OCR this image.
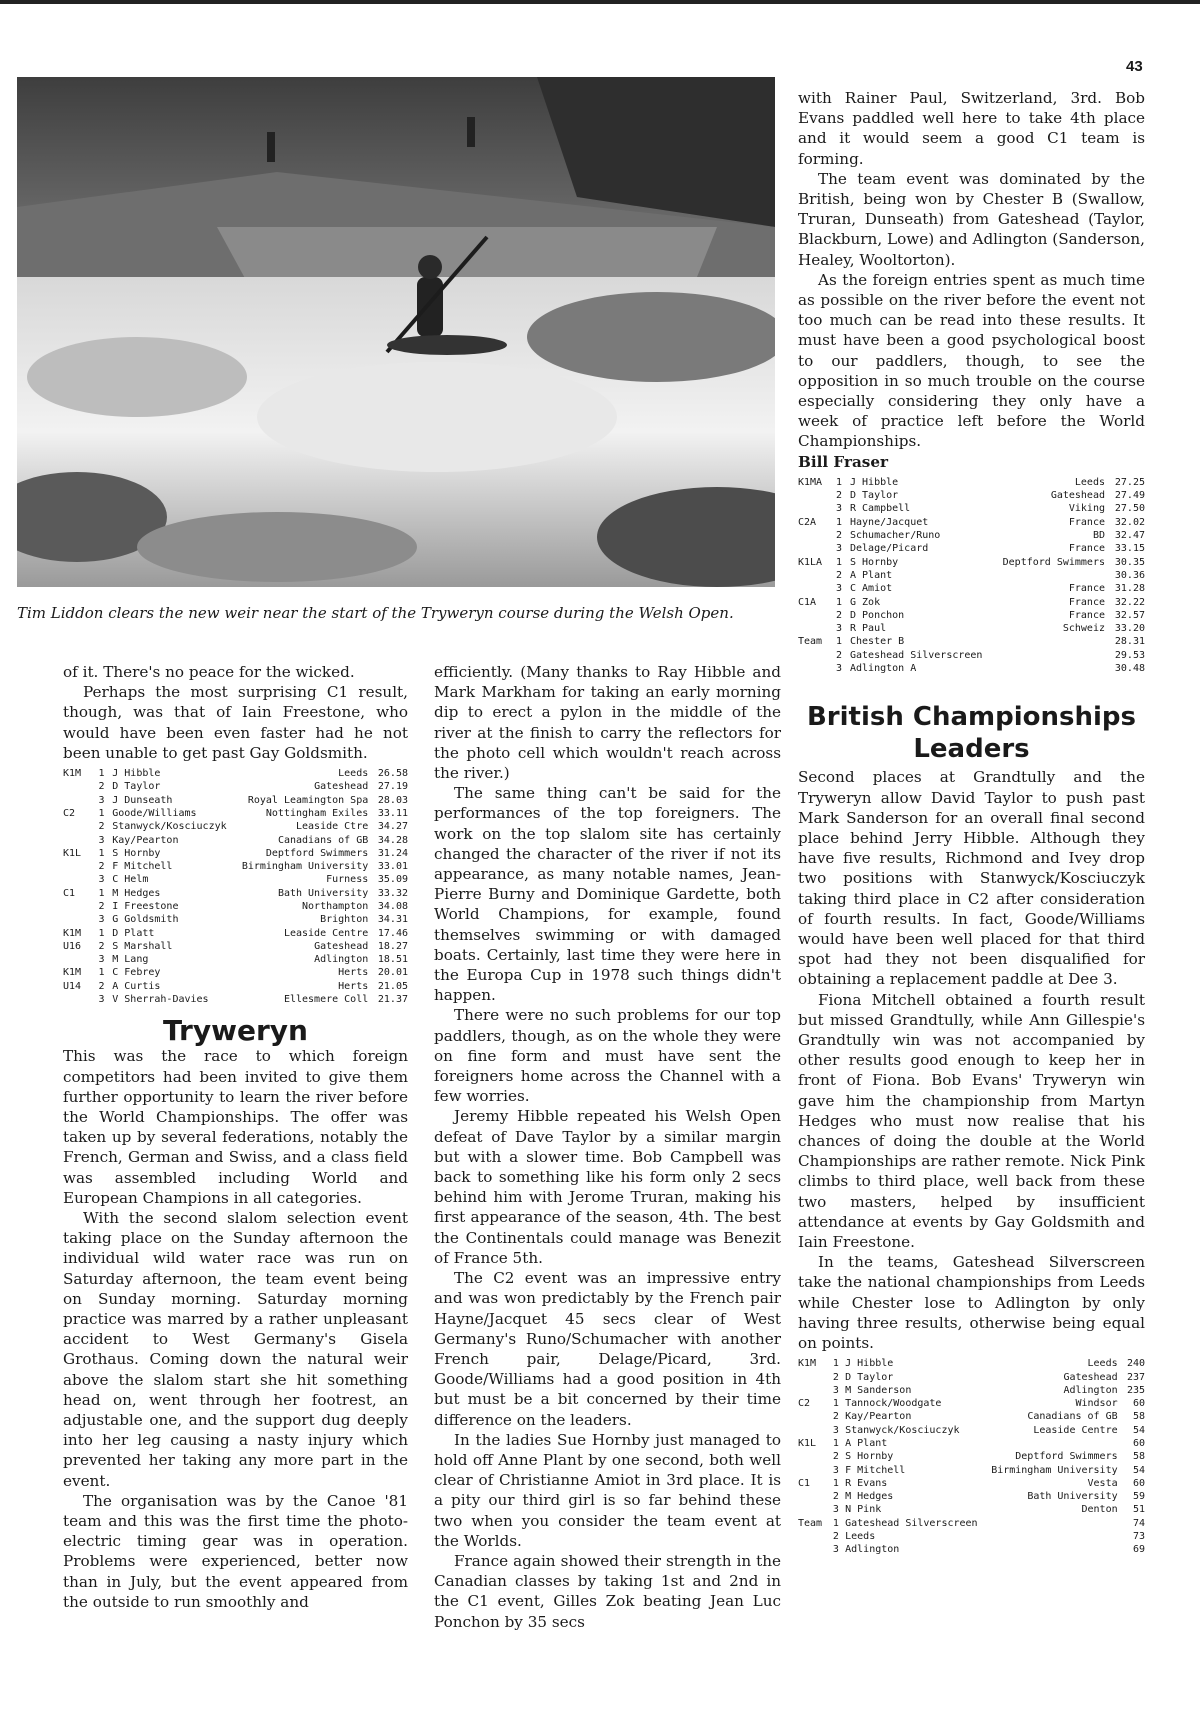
43
Tim Liddon clears the new weir near the start of the Tryweryn course during the Welsh Open.

of it. There's no peace for the wicked.

Perhaps the most surprising C1 result, though, was that of Iain Freestone, who would have been even faster had he not been unable to get past Gay Goldsmith.

K1M	1	J Hibble	Leeds	26.58
	2	D Taylor	Gateshead	27.19
	3	J Dunseath	Royal Leamington Spa	28.03
C2	1	Goode/Williams	Nottingham Exiles	33.11
	2	Stanwyck/Kosciuczyk	Leaside Ctre	34.27
	3	Kay/Pearton	Canadians of GB	34.28
K1L	1	S Hornby	Deptford Swimmers	31.24
	2	F Mitchell	Birmingham University	33.01
	3	C Helm	Furness	35.09
C1	1	M Hedges	Bath University	33.32
	2	I Freestone	Northampton	34.08
	3	G Goldsmith	Brighton	34.31
K1M	1	D Platt	Leaside Centre	17.46
U16	2	S Marshall	Gateshead	18.27
	3	M Lang	Adlington	18.51
K1M	1	C Febrey	Herts	20.01
U14	2	A Curtis	Herts	21.05
	3	V Sherrah-Davies	Ellesmere Coll	21.37
Tryweryn

This was the race to which foreign competitors had been invited to give them further opportunity to learn the river before the World Championships. The offer was taken up by several federations, notably the French, German and Swiss, and a class field was assembled including World and European Champions in all categories.

With the second slalom selection event taking place on the Sunday afternoon the individual wild water race was run on Saturday afternoon, the team event being on Sunday morning. Saturday morning practice was marred by a rather unpleasant accident to West Germany's Gisela Grothaus. Coming down the natural weir above the slalom start she hit something head on, went through her footrest, an adjustable one, and the support dug deeply into her leg causing a nasty injury which prevented her taking any more part in the event.

The organisation was by the Canoe '81 team and this was the first time the photo-electric timing gear was in operation. Problems were experienced, better now than in July, but the event appeared from the outside to run smoothly and

efficiently. (Many thanks to Ray Hibble and Mark Markham for taking an early morning dip to erect a pylon in the middle of the river at the finish to carry the reflectors for the photo cell which wouldn't reach across the river.)

The same thing can't be said for the performances of the top foreigners. The work on the top slalom site has certainly changed the character of the river if not its appearance, as many notable names, Jean-Pierre Burny and Dominique Gardette, both World Champions, for example, found themselves swimming or with damaged boats. Certainly, last time they were here in the Europa Cup in 1978 such things didn't happen.

There were no such problems for our top paddlers, though, as on the whole they were on fine form and must have sent the foreigners home across the Channel with a few worries.

Jeremy Hibble repeated his Welsh Open defeat of Dave Taylor by a similar margin but with a slower time. Bob Campbell was back to something like his form only 2 secs behind him with Jerome Truran, making his first appearance of the season, 4th. The best the Continentals could manage was Benezit of France 5th.

The C2 event was an impressive entry and was won predictably by the French pair Hayne/Jacquet 45 secs clear of West Germany's Runo/Schumacher with another French pair, Delage/Picard, 3rd. Goode/Williams had a good position in 4th but must be a bit concerned by their time difference on the leaders.

In the ladies Sue Hornby just managed to hold off Anne Plant by one second, both well clear of Christianne Amiot in 3rd place. It is a pity our third girl is so far behind these two when you consider the team event at the Worlds.

France again showed their strength in the Canadian classes by taking 1st and 2nd in the C1 event, Gilles Zok beating Jean Luc Ponchon by 35 secs

with Rainer Paul, Switzerland, 3rd. Bob Evans paddled well here to take 4th place and it would seem a good C1 team is forming.

The team event was dominated by the British, being won by Chester B (Swallow, Truran, Dunseath) from Gateshead (Taylor, Blackburn, Lowe) and Adlington (Sanderson, Healey, Wooltorton).

As the foreign entries spent as much time as possible on the river before the event not too much can be read into these results. It must have been a good psychological boost to our paddlers, though, to see the opposition in so much trouble on the course especially considering they only have a week of practice left before the World Championships.

Bill Fraser

K1MA	1	J Hibble	Leeds	27.25
	2	D Taylor	Gateshead	27.49
	3	R Campbell	Viking	27.50
C2A	1	Hayne/Jacquet	France	32.02
	2	Schumacher/Runo	BD	32.47
	3	Delage/Picard	France	33.15
K1LA	1	S Hornby	Deptford Swimmers	30.35
	2	A Plant		30.36
	3	C Amiot	France	31.28
C1A	1	G Zok	France	32.22
	2	D Ponchon	France	32.57
	3	R Paul	Schweiz	33.20
Team	1	Chester B		28.31
	2	Gateshead Silverscreen		29.53
	3	Adlington A		30.48
British Championships Leaders

Second places at Grandtully and the Tryweryn allow David Taylor to push past Mark Sanderson for an overall final second place behind Jerry Hibble. Although they have five results, Richmond and Ivey drop two positions with Stanwyck/Kosciuczyk taking third place in C2 after consideration of fourth results. In fact, Goode/Williams would have been well placed for that third spot had they not been disqualified for obtaining a replacement paddle at Dee 3.

Fiona Mitchell obtained a fourth result but missed Grandtully, while Ann Gillespie's Grandtully win was not accompanied by other results good enough to keep her in front of Fiona. Bob Evans' Tryweryn win gave him the championship from Martyn Hedges who must now realise that his chances of doing the double at the World Championships are rather remote. Nick Pink climbs to third place, well back from these two masters, helped by insufficient attendance at events by Gay Goldsmith and Iain Freestone.

In the teams, Gateshead Silverscreen take the national championships from Leeds while Chester lose to Adlington by only having three results, otherwise being equal on points.

K1M	1	J Hibble	Leeds	240
	2	D Taylor	Gateshead	237
	3	M Sanderson	Adlington	235
C2	1	Tannock/Woodgate	Windsor	60
	2	Kay/Pearton	Canadians of GB	58
	3	Stanwyck/Kosciuczyk	Leaside Centre	54
K1L	1	A Plant		60
	2	S Hornby	Deptford Swimmers	58
	3	F Mitchell	Birmingham University	54
C1	1	R Evans	Vesta	60
	2	M Hedges	Bath University	59
	3	N Pink	Denton	51
Team	1	Gateshead Silverscreen		74
	2	Leeds		73
	3	Adlington		69
